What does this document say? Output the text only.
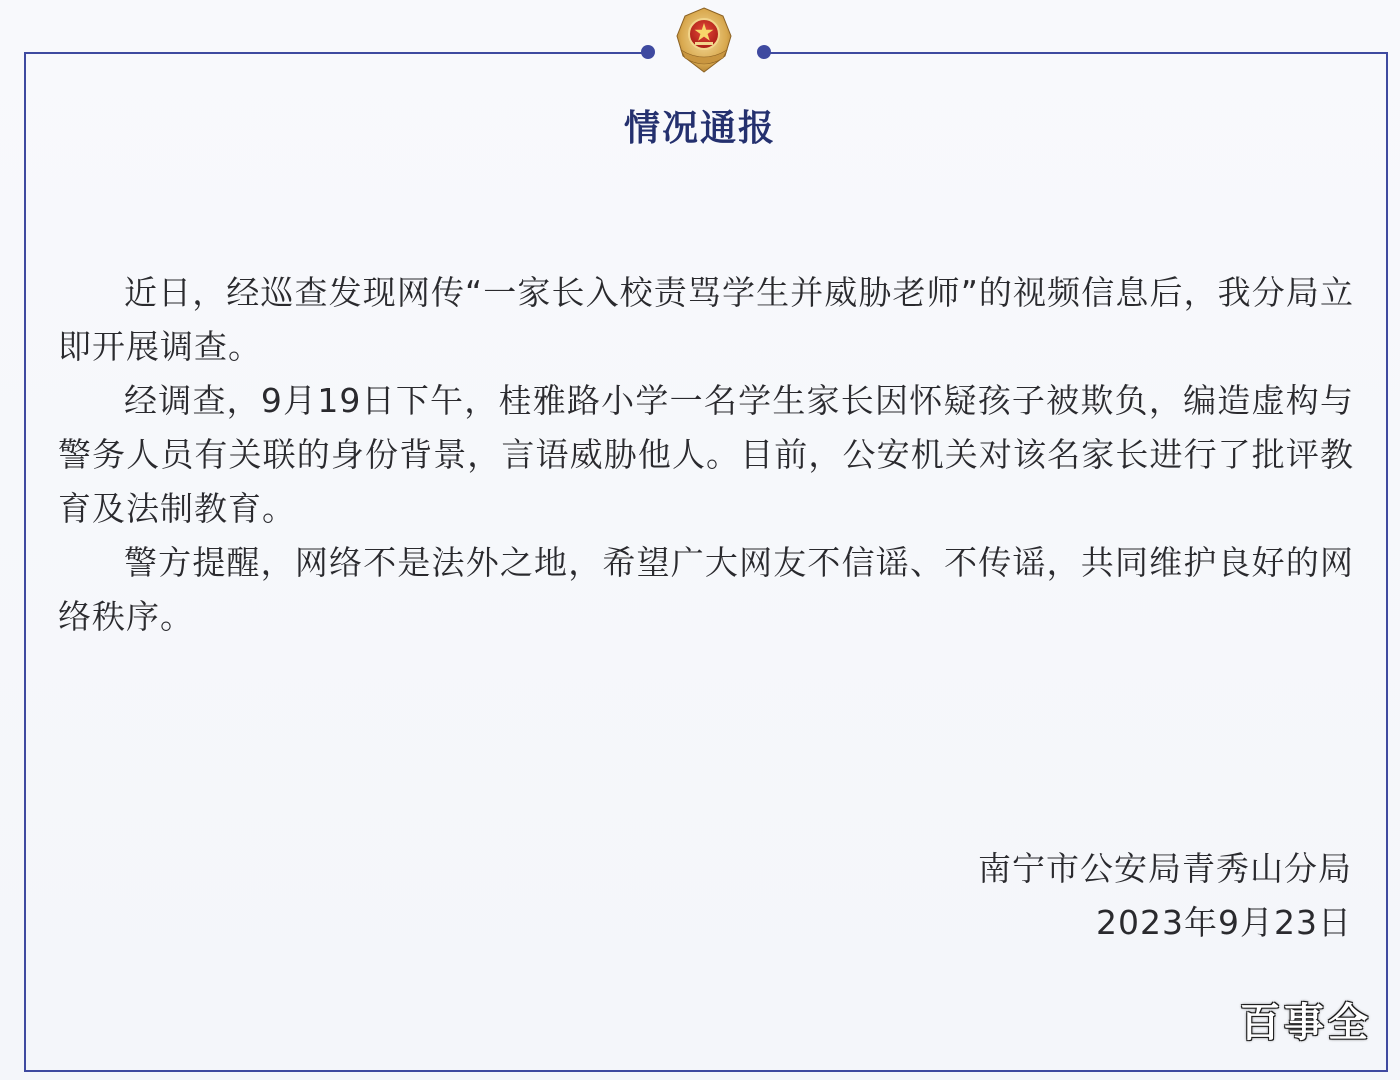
情况通报

近日，经巡查发现网传“一家长入校责骂学生并威胁老师”的视频信息后，我分局立即开展调查。

经调查，9月19日下午，桂雅路小学一名学生家长因怀疑孩子被欺负，编造虚构与警务人员有关联的身份背景，言语威胁他人。目前，公安机关对该名家长进行了批评教育及法制教育。

警方提醒，网络不是法外之地，希望广大网友不信谣、不传谣，共同维护良好的网络秩序。

南宁市公安局青秀山分局
2023年9月23日
百事全
